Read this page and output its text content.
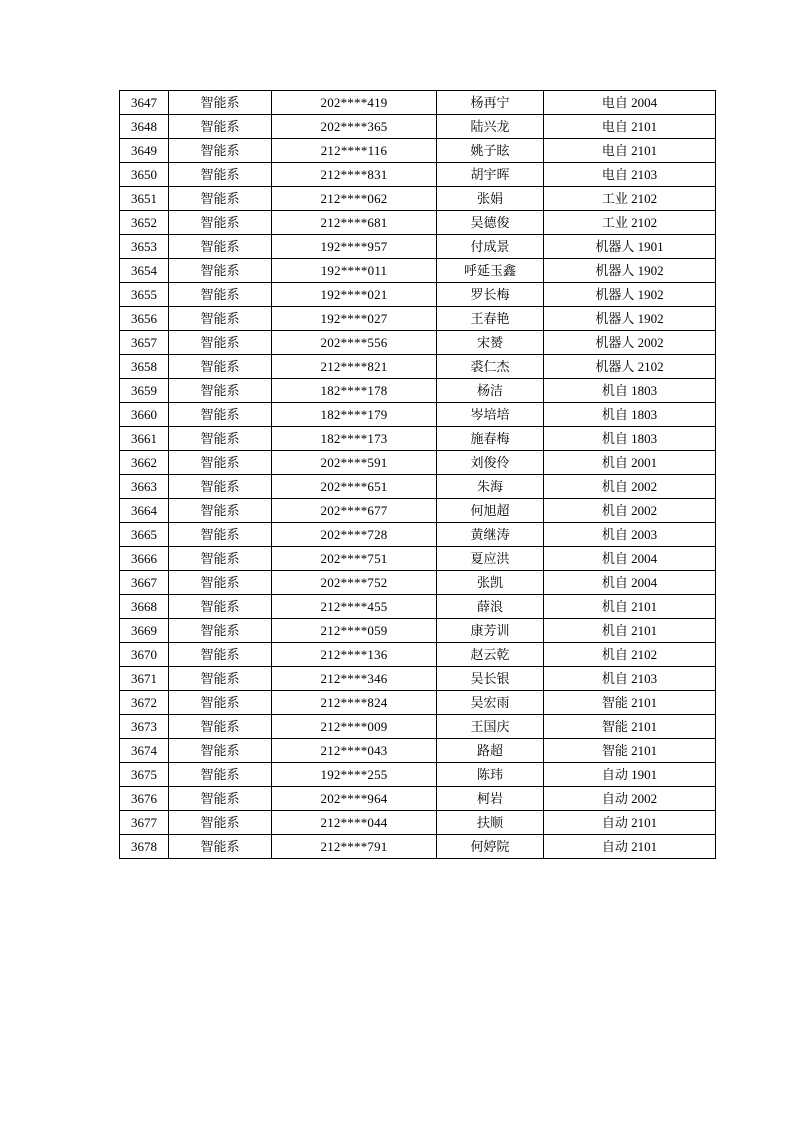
3647	智能系	202****419	杨再宁	电自 2004
3648	智能系	202****365	陆兴龙	电自 2101
3649	智能系	212****116	姚子眩	电自 2101
3650	智能系	212****831	胡宇晖	电自 2103
3651	智能系	212****062	张娟	工业 2102
3652	智能系	212****681	吴德俊	工业 2102
3653	智能系	192****957	付成景	机器人 1901
3654	智能系	192****011	呼延玉鑫	机器人 1902
3655	智能系	192****021	罗长梅	机器人 1902
3656	智能系	192****027	王春艳	机器人 1902
3657	智能系	202****556	宋赟	机器人 2002
3658	智能系	212****821	裘仁杰	机器人 2102
3659	智能系	182****178	杨洁	机自 1803
3660	智能系	182****179	岑培培	机自 1803
3661	智能系	182****173	施春梅	机自 1803
3662	智能系	202****591	刘俊伶	机自 2001
3663	智能系	202****651	朱海	机自 2002
3664	智能系	202****677	何旭超	机自 2002
3665	智能系	202****728	黄继涛	机自 2003
3666	智能系	202****751	夏应洪	机自 2004
3667	智能系	202****752	张凯	机自 2004
3668	智能系	212****455	薛浪	机自 2101
3669	智能系	212****059	康芳训	机自 2101
3670	智能系	212****136	赵云乾	机自 2102
3671	智能系	212****346	吴长银	机自 2103
3672	智能系	212****824	吴宏雨	智能 2101
3673	智能系	212****009	王国庆	智能 2101
3674	智能系	212****043	路超	智能 2101
3675	智能系	192****255	陈玮	自动 1901
3676	智能系	202****964	柯岩	自动 2002
3677	智能系	212****044	扶顺	自动 2101
3678	智能系	212****791	何婷院	自动 2101
